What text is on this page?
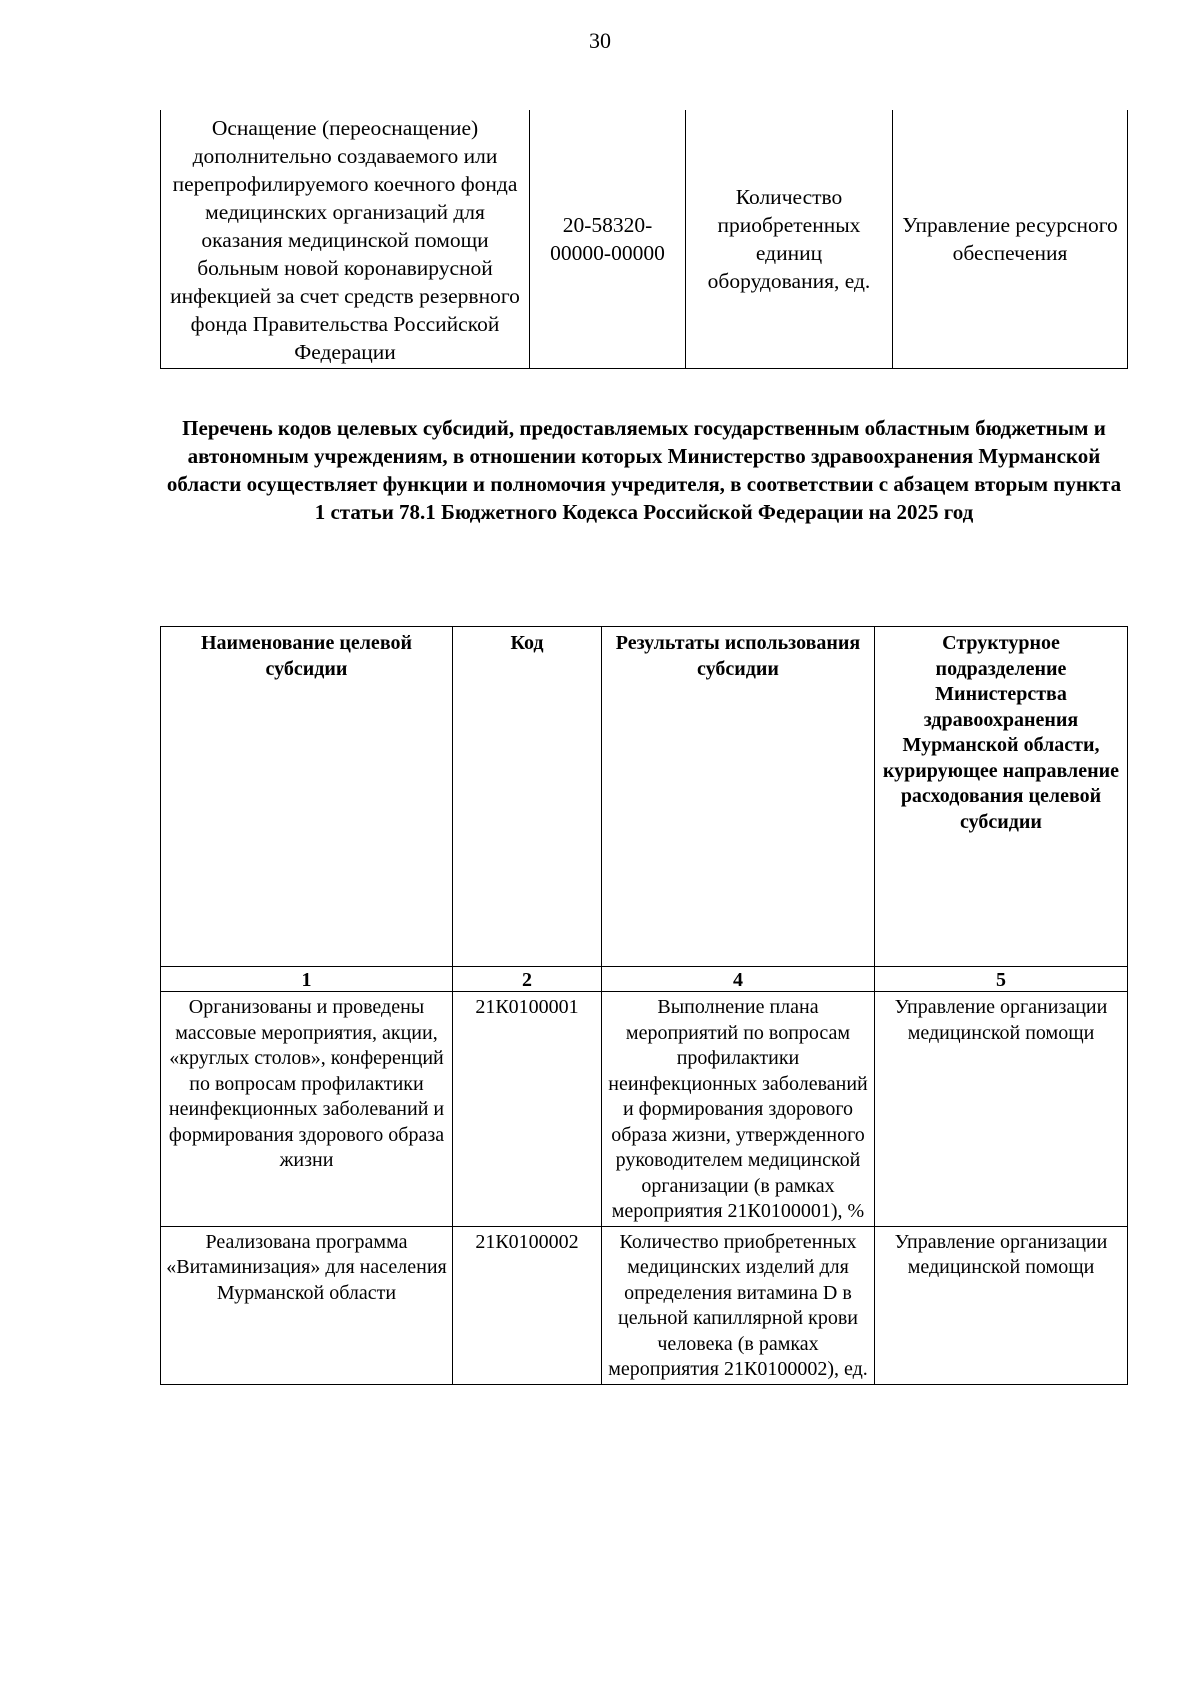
30
Оснащение (переоснащение) дополнительно создаваемого или перепрофилируемого коечного фонда медицинских организаций для оказания медицинской помощи больным новой коронавирусной инфекцией за счет средств резервного фонда Правительства Российской Федерации	20-58320-00000-00000	Количество приобретенных единиц оборудования, ед.	Управление ресурсного обеспечения
Перечень кодов целевых субсидий, предоставляемых государственным областным бюджетным и автономным учреждениям, в отношении которых Министерство здравоохранения Мурманской области осуществляет функции и полномочия учредителя, в соответствии с абзацем вторым пункта 1 статьи 78.1 Бюджетного Кодекса Российской Федерации на 2025 год
Наименование целевой субсидии	Код	Результаты использования субсидии	Структурное подразделение Министерства здравоохранения Мурманской области, курирующее направление расходования целевой субсидии
1	2	4	5
Организованы и проведены массовые мероприятия, акции, «круглых столов», конференций по вопросам профилактики неинфекционных заболеваний и формирования здорового образа жизни	21К0100001	Выполнение плана мероприятий по вопросам профилактики неинфекционных заболеваний и формирования здорового образа жизни, утвержденного руководителем медицинской организации (в рамках мероприятия 21К0100001), %	Управление организации медицинской помощи
Реализована программа «Витаминизация» для населения Мурманской области	21К0100002	Количество приобретенных медицинских изделий для определения витамина D в цельной капиллярной крови человека (в рамках мероприятия 21К0100002), ед.	Управление организации медицинской помощи
